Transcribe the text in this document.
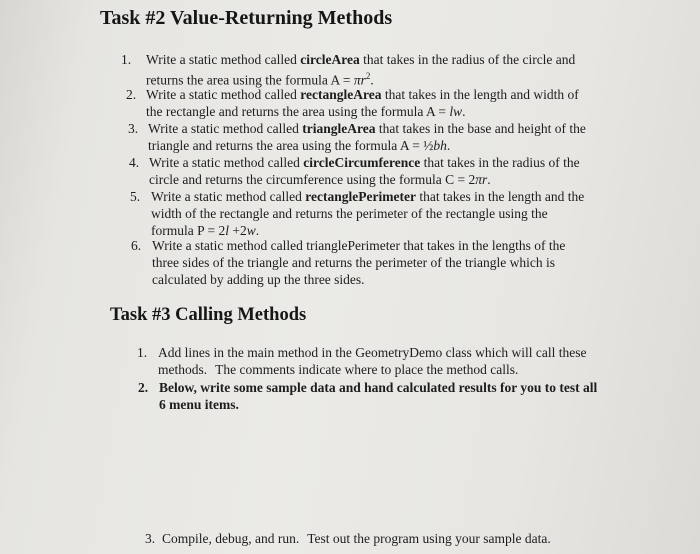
Task #2 Value-Returning Methods
1. Write a static method called circleArea that takes in the radius of the circle and
returns the area using the formula $A = \pi r^2$.
2. Write a static method called rectangleArea that takes in the length and width of
the rectangle and returns the area using the formula A = lw.
3. Write a static method called triangleArea that takes in the base and height of the
triangle and returns the area using the formula A = ½bh.
4. Write a static method called circleCircumference that takes in the radius of the
circle and returns the circumference using the formula C = 2πr.
5. Write a static method called rectanglePerimeter that takes in the length and the
width of the rectangle and returns the perimeter of the rectangle using the
formula P = 2l +2w.
6. Write a static method called trianglePerimeter that takes in the lengths of the
three sides of the triangle and returns the perimeter of the triangle which is
calculated by adding up the three sides.
Task #3 Calling Methods
1. Add lines in the main method in the GeometryDemo class which will call these
methods. The comments indicate where to place the method calls.
2. Below, write some sample data and hand calculated results for you to test all
6 menu items.
3. Compile, debug, and run. Test out the program using your sample data.
